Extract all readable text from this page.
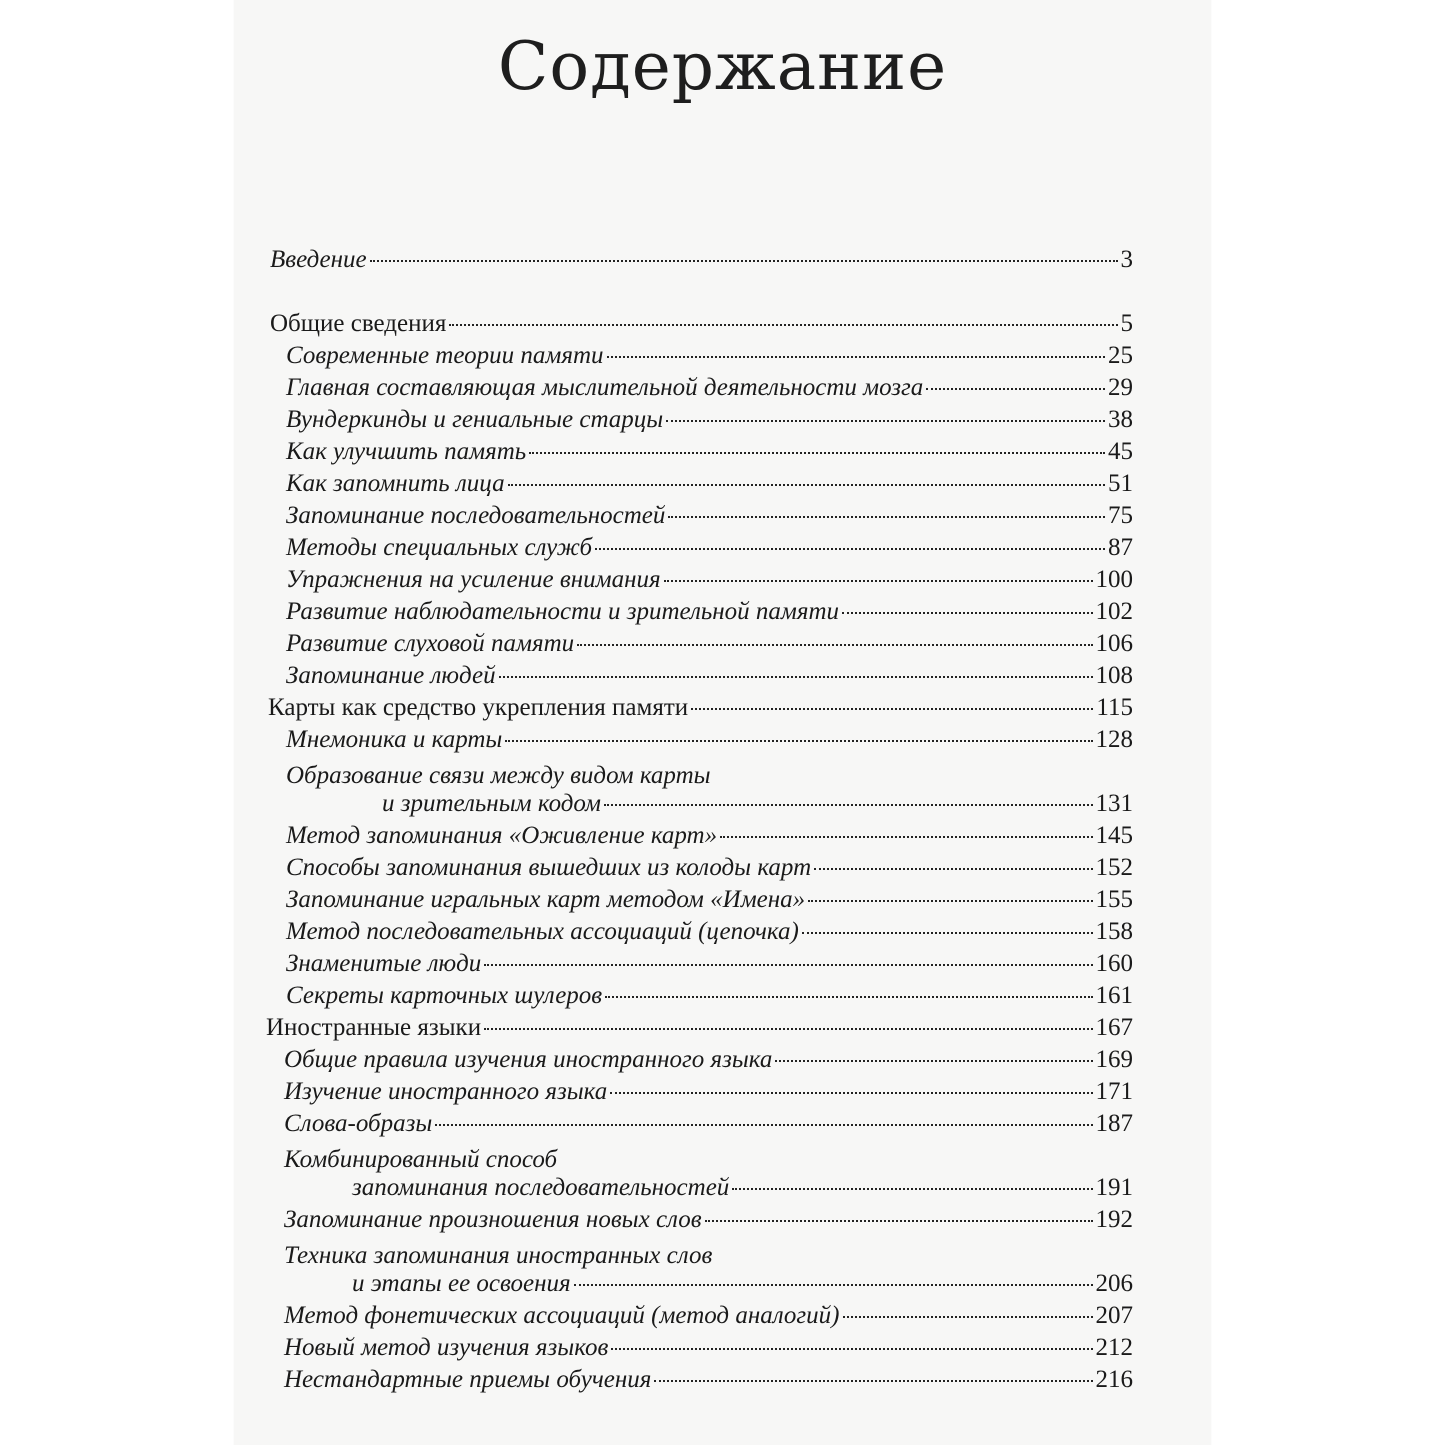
Содержание
Введение	3
Общие сведения	5
Современные теории памяти	25
Главная составляющая мыслительной деятельности мозга	29
Вундеркинды и гениальные старцы	38
Как улучшить память	45
Как запомнить лица	51
Запоминание последовательностей	75
Методы специальных служб	87
Упражнения на усиление внимания	100
Развитие наблюдательности и зрительной памяти	102
Развитие слуховой памяти	106
Запоминание людей	108
Карты как средство укрепления памяти	115
Мнемоника и карты	128
Образование связи между видом карты
и зрительным кодом	131
Метод запоминания «Оживление карт»	145
Способы запоминания вышедших из колоды карт	152
Запоминание игральных карт методом «Имена»	155
Метод последовательных ассоциаций (цепочка)	158
Знаменитые люди	160
Секреты карточных шулеров	161
Иностранные языки	167
Общие правила изучения иностранного языка	169
Изучение иностранного языка	171
Слова-образы	187
Комбинированный способ
запоминания последовательностей	191
Запоминание произношения новых слов	192
Техника запоминания иностранных слов
и этапы ее освоения	206
Метод фонетических ассоциаций (метод аналогий)	207
Новый метод изучения языков	212
Нестандартные приемы обучения	216
